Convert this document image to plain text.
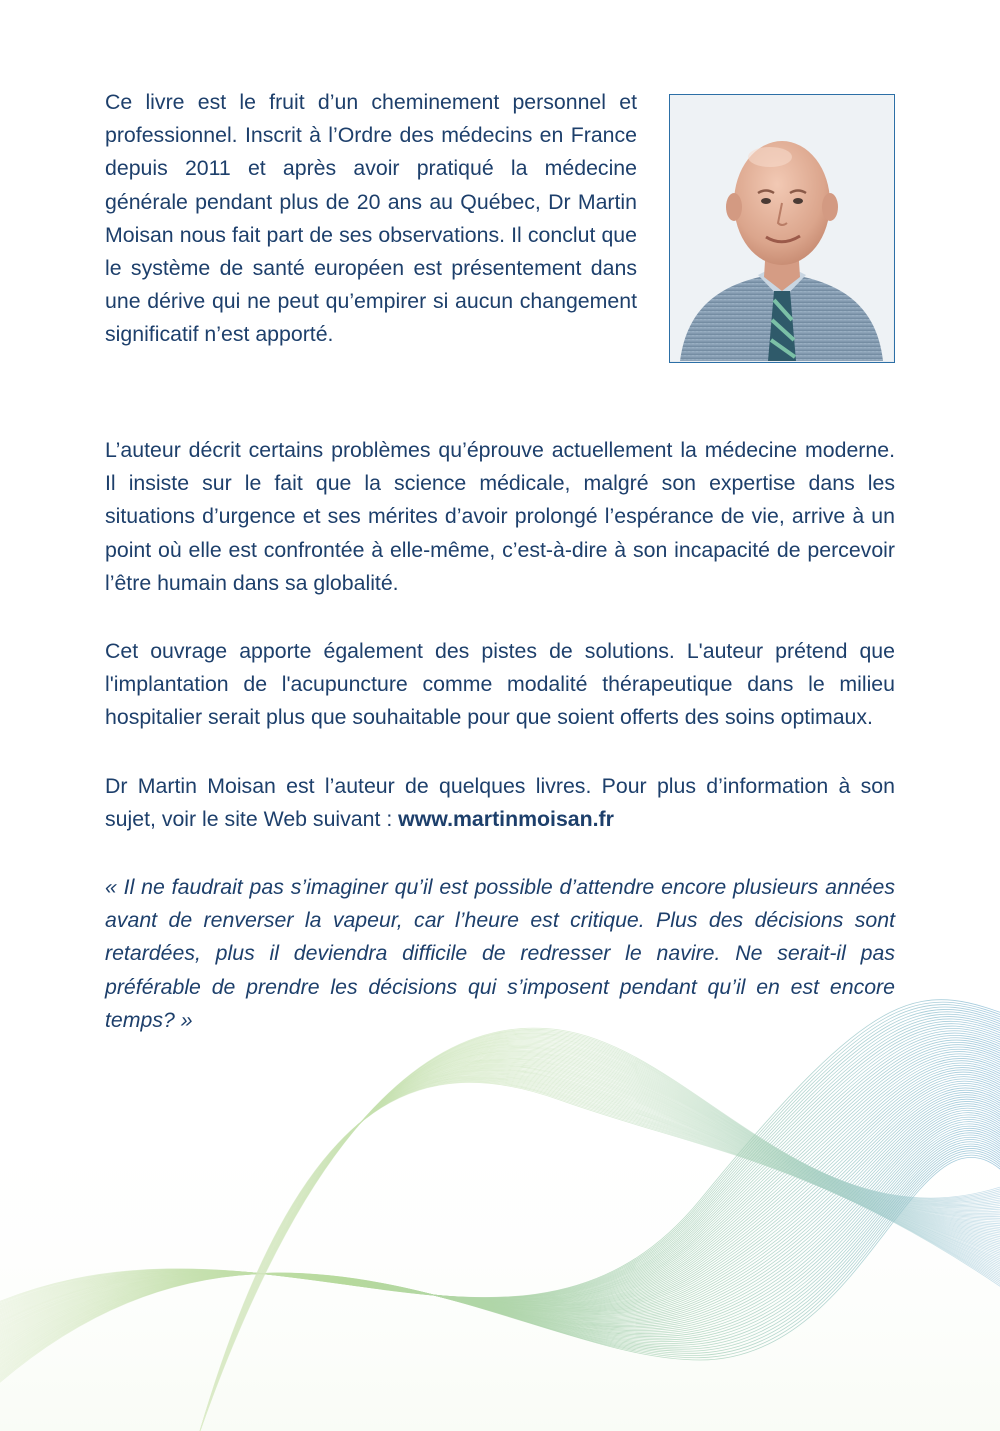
Ce livre est le fruit d’un cheminement personnel et professionnel. Inscrit à l’Ordre des médecins en France depuis 2011 et après avoir pratiqué la médecine générale pendant plus de 20 ans au Québec, Dr Martin Moisan nous fait part de ses observations. Il conclut que le système de santé européen est présentement dans une dérive qui ne peut qu’empirer si aucun changement significatif n’est apporté.

L’auteur décrit certains problèmes qu’éprouve actuellement la médecine moderne. Il insiste sur le fait que la science médicale, malgré son expertise dans les situations d’urgence et ses mérites d’avoir prolongé l’espérance de vie, arrive à un point où elle est confrontée à elle-même, c’est-à-dire à son incapacité de percevoir l’être humain dans sa globalité.

Cet ouvrage apporte également des pistes de solutions. L'auteur prétend que l'implantation de l'acupuncture comme modalité thérapeutique dans le milieu hospitalier serait plus que souhaitable pour que soient offerts des soins optimaux.

Dr Martin Moisan est l’auteur de quelques livres. Pour plus d’information à son sujet, voir le site Web suivant : www.martinmoisan.fr

« Il ne faudrait pas s’imaginer qu’il est possible d’attendre encore plusieurs années avant de renverser la vapeur, car l’heure est critique. Plus des décisions sont retardées, plus il deviendra difficile de redresser le navire. Ne serait-il pas préférable de prendre les décisions qui s’imposent pendant qu’il en est encore temps? »
